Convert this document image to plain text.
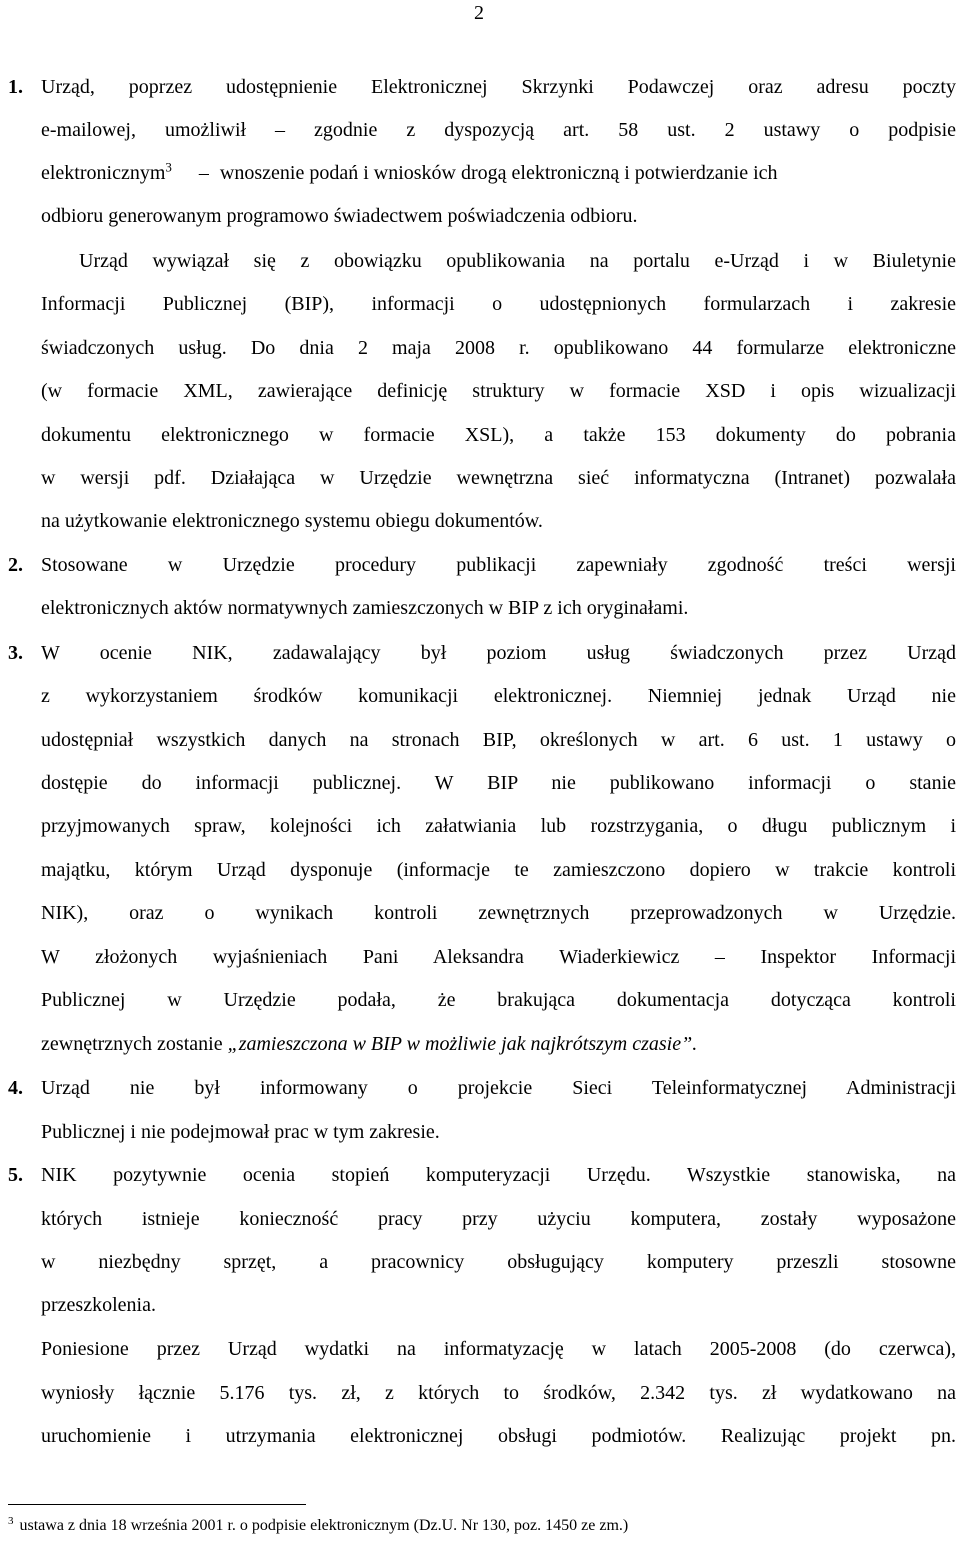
2
1. Urząd, poprzez udostępnienie Elektronicznej Skrzynki Podawczej oraz adresu poczty
e-mailowej, umożliwił – zgodnie z dyspozycją art. 58 ust. 2 ustawy o podpisie
elektronicznym$^3$ – wnoszenie podań i wniosków drogą elektroniczną i potwierdzanie ich
odbioru generowanym programowo świadectwem poświadczenia odbioru.
Urząd wywiązał się z obowiązku opublikowania na portalu e-Urząd i w Biuletynie
Informacji Publicznej (BIP), informacji o udostępnionych formularzach i zakresie
świadczonych usług. Do dnia 2 maja 2008 r. opublikowano 44 formularze elektroniczne
(w formacie XML, zawierające definicję struktury w formacie XSD i opis wizualizacji
dokumentu elektronicznego w formacie XSL), a także 153 dokumenty do pobrania
w wersji pdf. Działająca w Urzędzie wewnętrzna sieć informatyczna (Intranet) pozwalała
na użytkowanie elektronicznego systemu obiegu dokumentów.
2. Stosowane w Urzędzie procedury publikacji zapewniały zgodność treści wersji
elektronicznych aktów normatywnych zamieszczonych w BIP z ich oryginałami.
3. W ocenie NIK, zadawalający był poziom usług świadczonych przez Urząd
z wykorzystaniem środków komunikacji elektronicznej. Niemniej jednak Urząd nie
udostępniał wszystkich danych na stronach BIP, określonych w art. 6 ust. 1 ustawy o
dostępie do informacji publicznej. W BIP nie publikowano informacji o stanie
przyjmowanych spraw, kolejności ich załatwiania lub rozstrzygania, o długu publicznym i
majątku, którym Urząd dysponuje (informacje te zamieszczono dopiero w trakcie kontroli
NIK), oraz o wynikach kontroli zewnętrznych przeprowadzonych w Urzędzie.
W złożonych wyjaśnieniach Pani Aleksandra Wiaderkiewicz – Inspektor Informacji
Publicznej w Urzędzie podała, że brakująca dokumentacja dotycząca kontroli
zewnętrznych zostanie „zamieszczona w BIP w możliwie jak najkrótszym czasie”.
4. Urząd nie był informowany o projekcie Sieci Teleinformatycznej Administracji
Publicznej i nie podejmował prac w tym zakresie.
5. NIK pozytywnie ocenia stopień komputeryzacji Urzędu. Wszystkie stanowiska, na
których istnieje konieczność pracy przy użyciu komputera, zostały wyposażone
w niezbędny sprzęt, a pracownicy obsługujący komputery przeszli stosowne
przeszkolenia.
Poniesione przez Urząd wydatki na informatyzację w latach 2005-2008 (do czerwca),
wyniosły łącznie 5.176 tys. zł, z których to środków, 2.342 tys. zł wydatkowano na
uruchomienie i utrzymania elektronicznej obsługi podmiotów. Realizując projekt pn.
$^3$ ustawa z dnia 18 września 2001 r. o podpisie elektronicznym (Dz.U. Nr 130, poz. 1450 ze zm.)
